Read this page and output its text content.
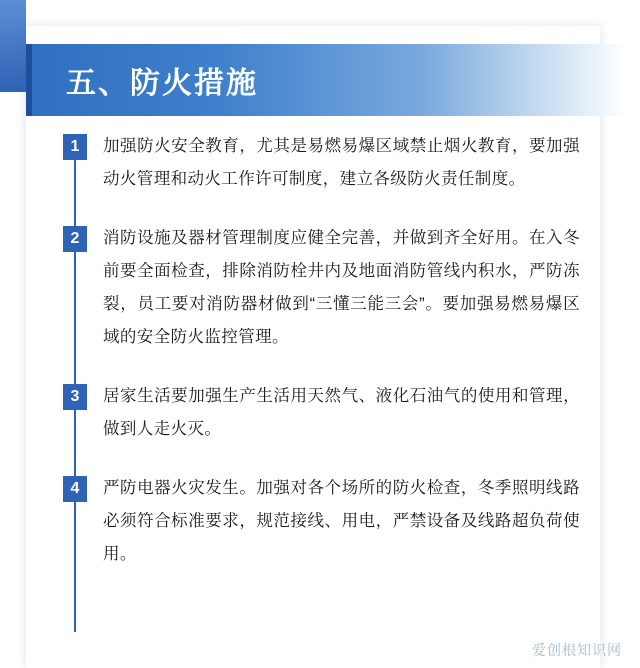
五、防火措施
1	加强防火安全教育，尤其是易燃易爆区域禁止烟火教育，要加强动火管理和动火工作许可制度，建立各级防火责任制度。
2	消防设施及器材管理制度应健全完善，并做到齐全好用。在入冬前要全面检查，排除消防栓井内及地面消防管线内积水，严防冻裂，员工要对消防器材做到“三懂三能三会”。要加强易燃易爆区域的安全防火监控管理。
3	居家生活要加强生产生活用天然气、液化石油气的使用和管理，做到人走火灭。
4	严防电器火灾发生。加强对各个场所的防火检查，冬季照明线路必须符合标准要求，规范接线、用电，严禁设备及线路超负荷使用。
爱创根知识网
